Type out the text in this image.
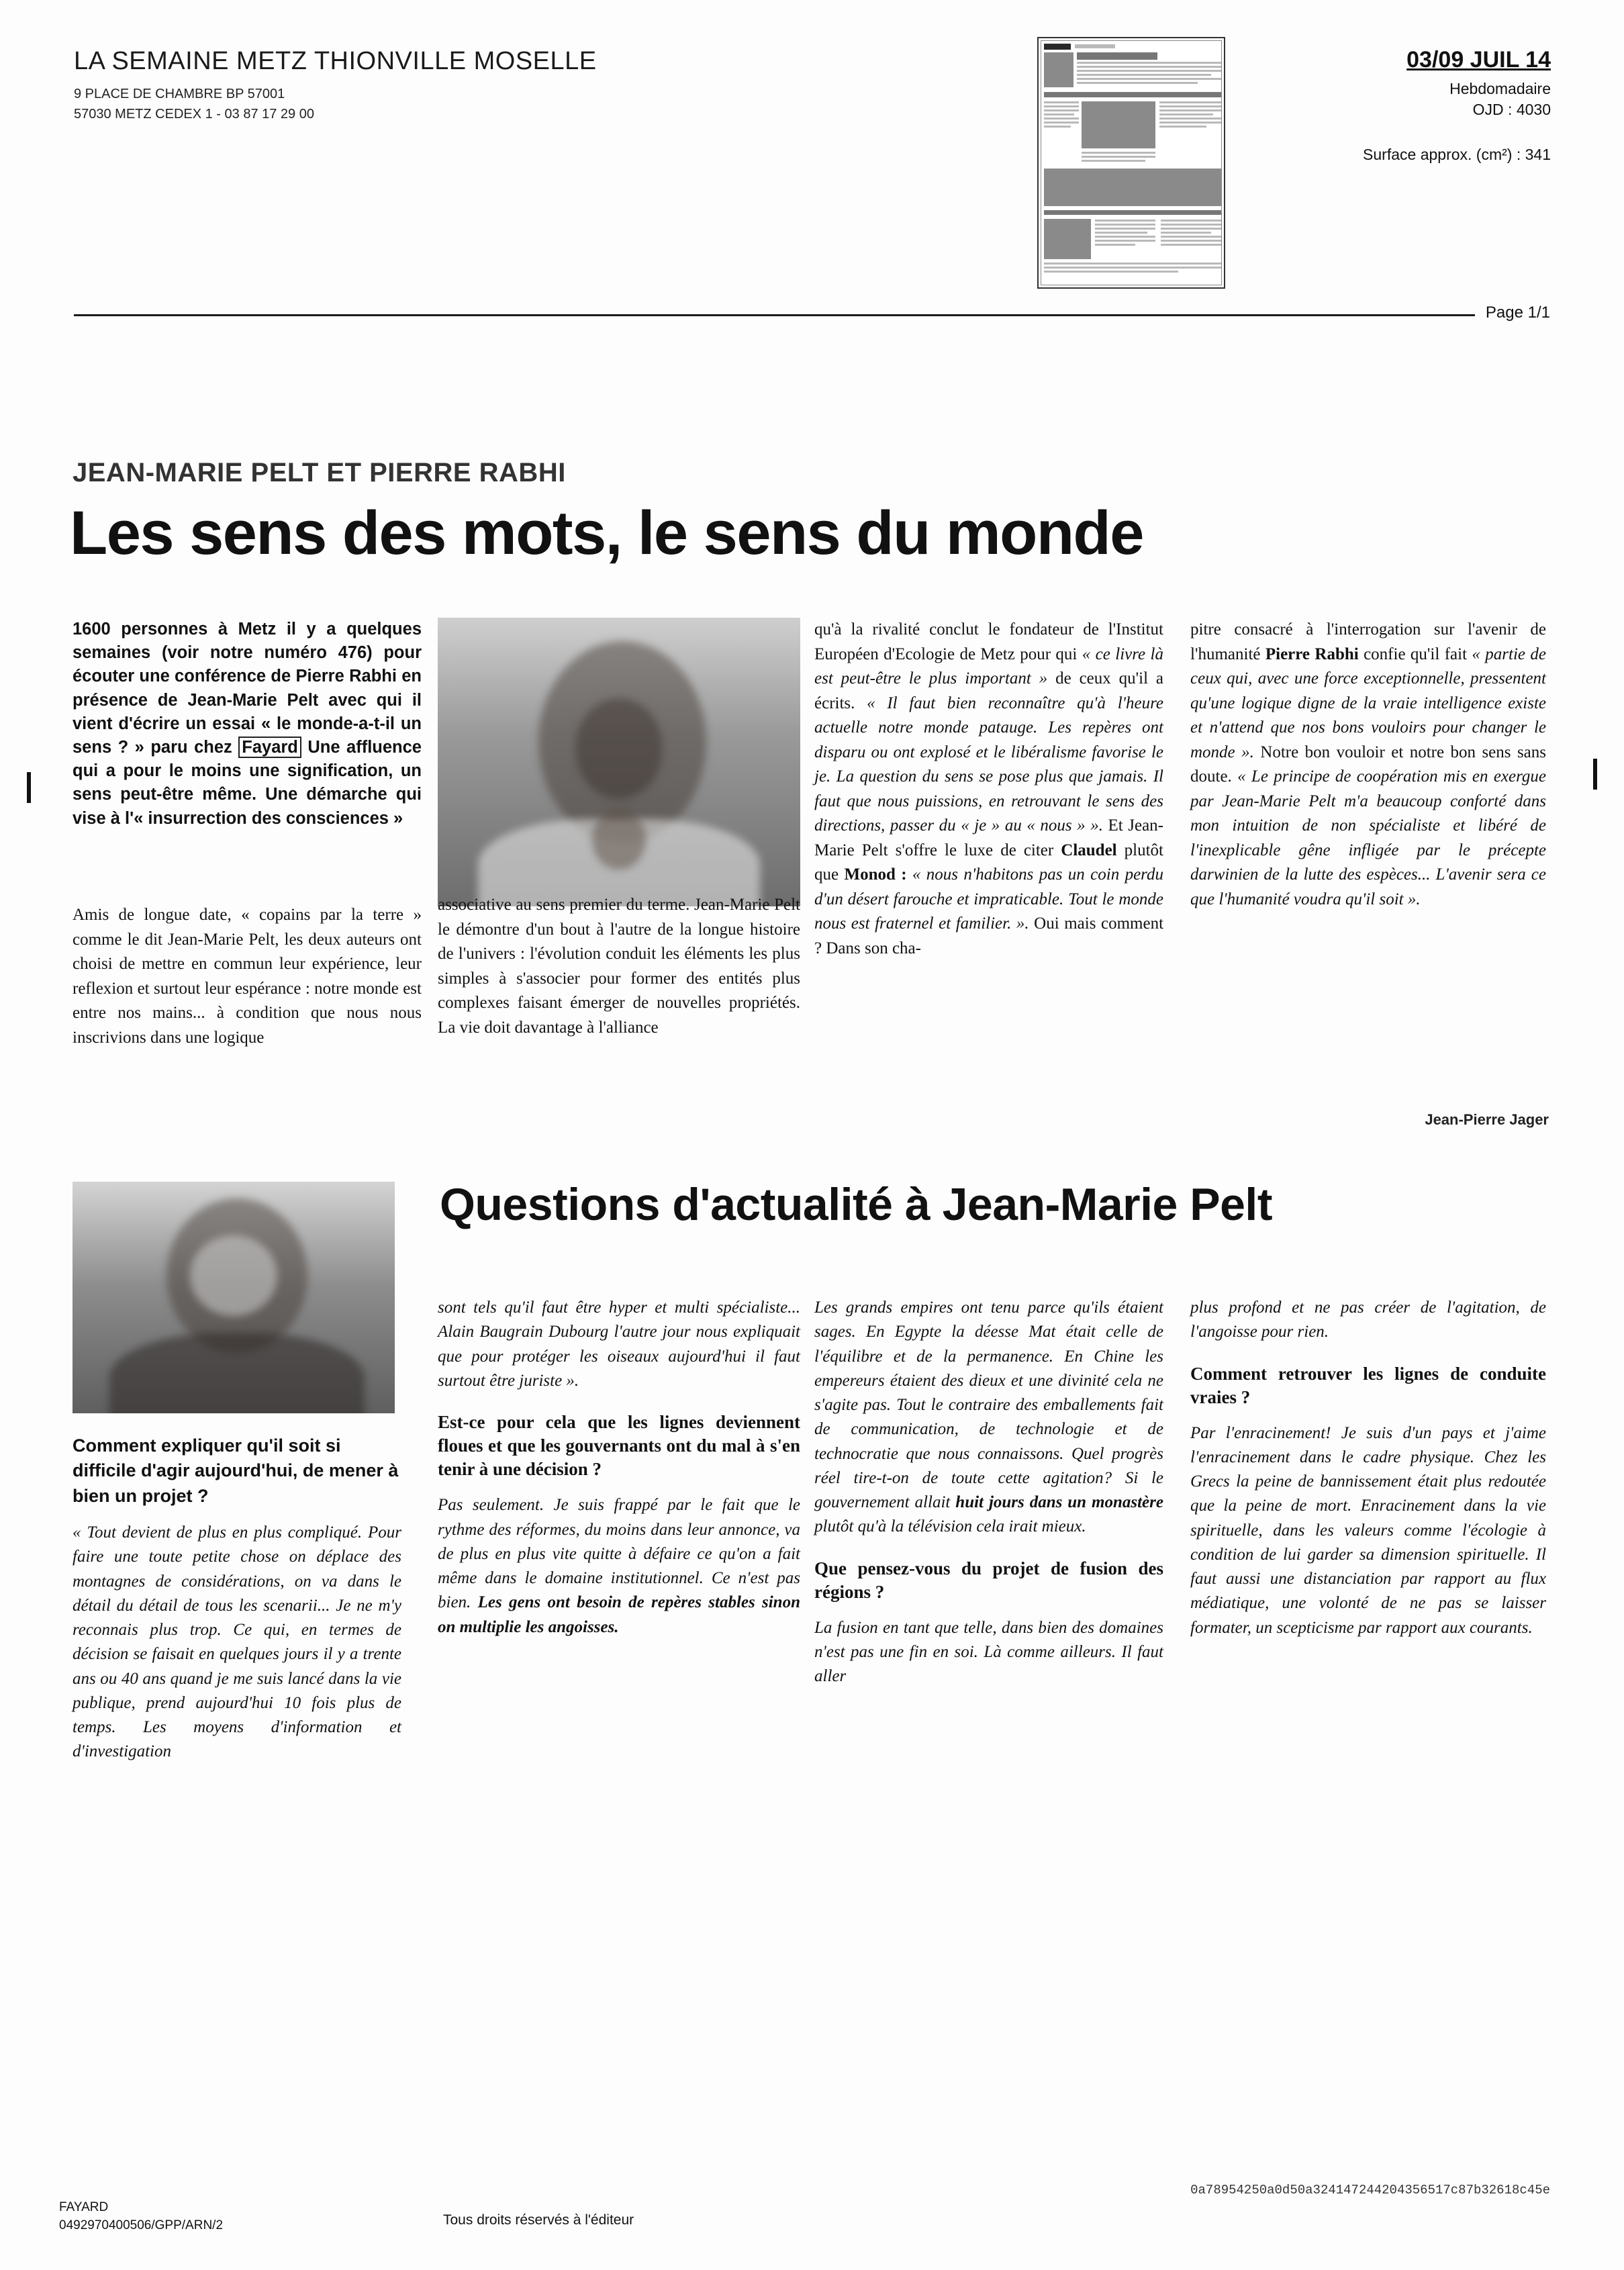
LA SEMAINE METZ THIONVILLE MOSELLE
9 PLACE DE CHAMBRE BP 57001
57030 METZ CEDEX 1 - 03 87 17 29 00
03/09 JUIL 14
Hebdomadaire
OJD : 4030
Surface approx. (cm²) : 341
Page 1/1
JEAN-MARIE PELT ET PIERRE RABHI
Les sens des mots, le sens du monde
1600 personnes à Metz il y a quelques semaines (voir notre numéro 476) pour écouter une conférence de Pierre Rabhi en présence de Jean-Marie Pelt avec qui il vient d'écrire un essai « le monde-a-t-il un sens ? » paru chez Fayard Une affluence qui a pour le moins une signification, un sens peut-être même. Une démarche qui vise à l'« insurrection des consciences »
Amis de longue date, « copains par la terre » comme le dit Jean-Marie Pelt, les deux auteurs ont choisi de mettre en commun leur expérience, leur reflexion et surtout leur espérance : notre monde est entre nos mains... à condition que nous nous inscrivions dans une logique
associative au sens premier du terme. Jean-Marie Pelt le démontre d'un bout à l'autre de la longue histoire de l'univers : l'évolution conduit les éléments les plus simples à s'associer pour former des entités plus complexes faisant émerger de nouvelles propriétés. La vie doit davantage à l'alliance
qu'à la rivalité conclut le fondateur de l'Institut Européen d'Ecologie de Metz pour qui « ce livre là est peut-être le plus important » de ceux qu'il a écrits. « Il faut bien reconnaître qu'à l'heure actuelle notre monde patauge. Les repères ont disparu ou ont explosé et le libéralisme favorise le je. La question du sens se pose plus que jamais. Il faut que nous puissions, en retrouvant le sens des directions, passer du « je » au « nous » ». Et Jean-Marie Pelt s'offre le luxe de citer Claudel plutôt que Monod : « nous n'habitons pas un coin perdu d'un désert farouche et impraticable. Tout le monde nous est fraternel et familier. ». Oui mais comment ? Dans son cha-
pitre consacré à l'interrogation sur l'avenir de l'humanité Pierre Rabhi confie qu'il fait « partie de ceux qui, avec une force exceptionnelle, pressentent qu'une logique digne de la vraie intelligence existe et n'attend que nos bons vouloirs pour changer le monde ». Notre bon vouloir et notre bon sens sans doute. « Le principe de coopération mis en exergue par Jean-Marie Pelt m'a beaucoup conforté dans mon intuition de non spécialiste et libéré de l'inexplicable gêne infligée par le précepte darwinien de la lutte des espèces... L'avenir sera ce que l'humanité voudra qu'il soit ».
Jean-Pierre Jager
Questions d'actualité à Jean-Marie Pelt
Comment expliquer qu'il soit si difficile d'agir aujourd'hui, de mener à bien un projet ?
« Tout devient de plus en plus compliqué. Pour faire une toute petite chose on déplace des montagnes de considérations, on va dans le détail du détail de tous les scenarii... Je ne m'y reconnais plus trop. Ce qui, en termes de décision se faisait en quelques jours il y a trente ans ou 40 ans quand je me suis lancé dans la vie publique, prend aujourd'hui 10 fois plus de temps. Les moyens d'information et d'investigation
sont tels qu'il faut être hyper et multi spécialiste... Alain Baugrain Dubourg l'autre jour nous expliquait que pour protéger les oiseaux aujourd'hui il faut surtout être juriste ».
Est-ce pour cela que les lignes deviennent floues et que les gouvernants ont du mal à s'en tenir à une décision ?
Pas seulement. Je suis frappé par le fait que le rythme des réformes, du moins dans leur annonce, va de plus en plus vite quitte à défaire ce qu'on a fait même dans le domaine institutionnel. Ce n'est pas bien. Les gens ont besoin de repères stables sinon on multiplie les angoisses.
Les grands empires ont tenu parce qu'ils étaient sages. En Egypte la déesse Mat était celle de l'équilibre et de la permanence. En Chine les empereurs étaient des dieux et une divinité cela ne s'agite pas. Tout le contraire des emballements fait de communication, de technologie et de technocratie que nous connaissons. Quel progrès réel tire-t-on de toute cette agitation? Si le gouvernement allait huit jours dans un monastère plutôt qu'à la télévision cela irait mieux.
Que pensez-vous du projet de fusion des régions ?
La fusion en tant que telle, dans bien des domaines n'est pas une fin en soi. Là comme ailleurs. Il faut aller
plus profond et ne pas créer de l'agitation, de l'angoisse pour rien.
Comment retrouver les lignes de conduite vraies ?
Par l'enracinement! Je suis d'un pays et j'aime l'enracinement dans le cadre physique. Chez les Grecs la peine de bannissement était plus redoutée que la peine de mort. Enracinement dans la vie spirituelle, dans les valeurs comme l'écologie à condition de lui garder sa dimension spirituelle. Il faut aussi une distanciation par rapport au flux médiatique, une volonté de ne pas se laisser formater, un scepticisme par rapport aux courants.
FAYARD
0492970400506/GPP/ARN/2	Tous droits réservés à l'éditeur
0a78954250a0d50a324147244204356517c87b32618c45e
